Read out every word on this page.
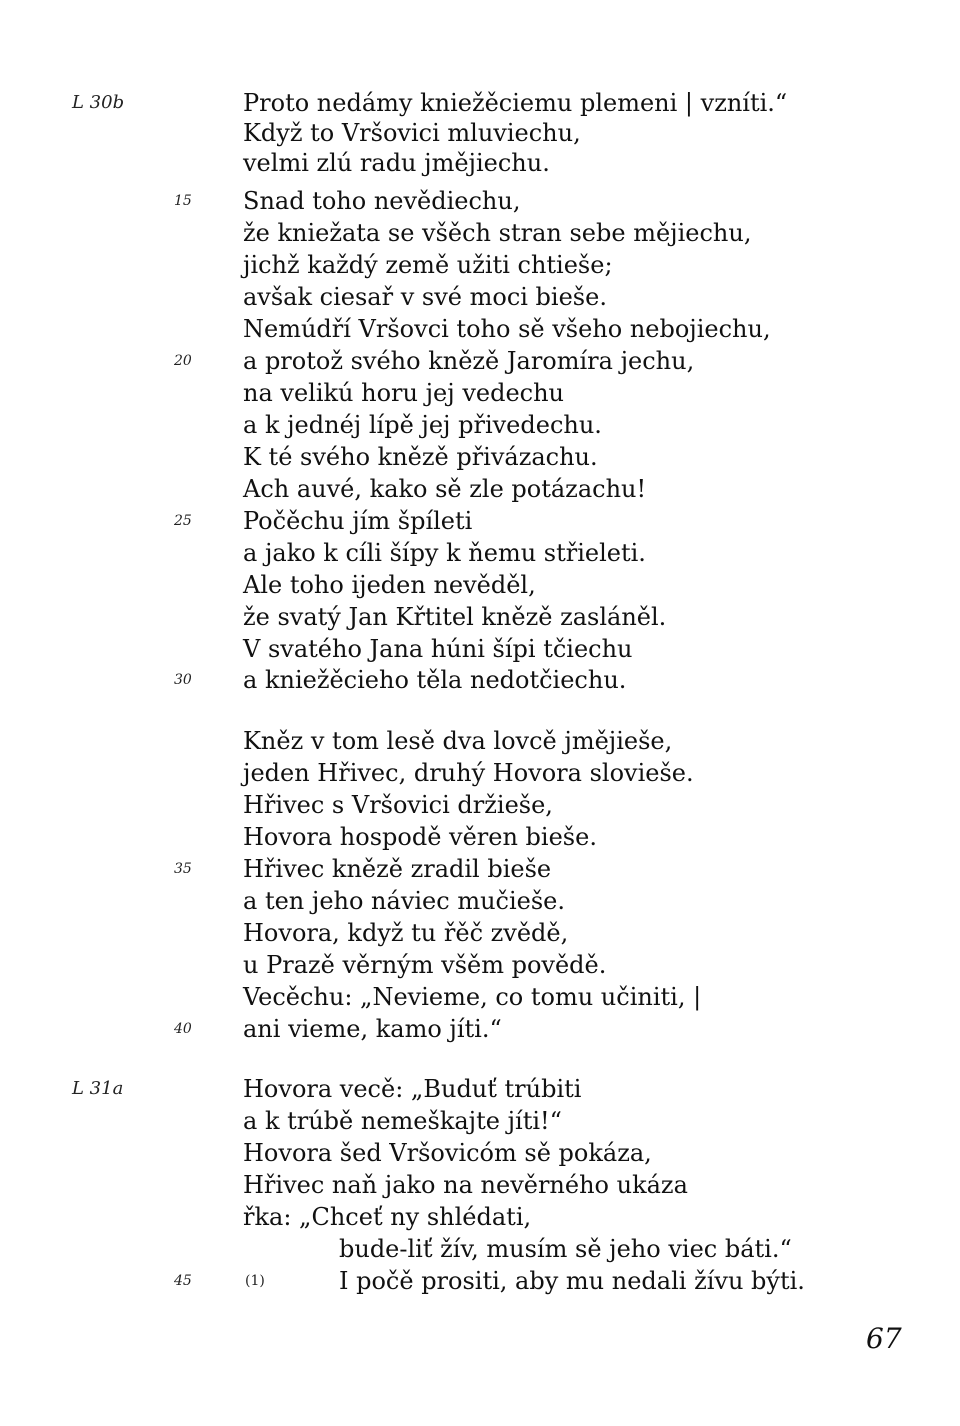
Proto nedámy kniežěciemu plemeni | vzníti.“
Když to Vršovici mluviechu,
velmi zlú radu jmějiechu.
Snad toho nevědiechu,
15
že kniežata se všěch stran sebe mějiechu,
jichž každý země užiti chtieše;
avšak ciesař v své moci bieše.
Nemúdří Vršovci toho sě všeho nebojiechu,
a protož svého knězě Jaromíra jechu,
20
na velikú horu jej vedechu
a k jednéj lípě jej přivedechu.
K té svého knězě přivázachu.
Ach auvé, kako sě zle potázachu!
Počěchu jím špíleti
25
a jako k cíli šípy k ňemu střieleti.
Ale toho ijeden nevěděl,
že svatý Jan Křtitel knězě zasláněl.
V svatého Jana húni šípi tčiechu
a kniežěcieho těla nedotčiechu.
30
Kněz v tom lesě dva lovcě jmějieše,
jeden Hřivec, druhý Hovora slovieše.
Hřivec s Vršovici držieše,
Hovora hospodě věren bieše.
Hřivec knězě zradil bieše
35
a ten jeho náviec mučieše.
Hovora, když tu řěč zvědě,
u Prazě věrným všěm povědě.
Vecěchu: „Nevieme, co tomu učiniti, |
ani vieme, kamo jíti.“
40
Hovora vecě: „Buduť trúbiti
a k trúbě nemeškajte jíti!“
Hovora šed Vršovicóm sě pokáza,
Hřivec naň jako na nevěrného ukáza
řka: „Chceť ny shlédati,
bude-liť žív, musím sě jeho viec báti.“
I počě prositi, aby mu nedali žívu býti.
45
L 30b
L 31a
(1)
67
